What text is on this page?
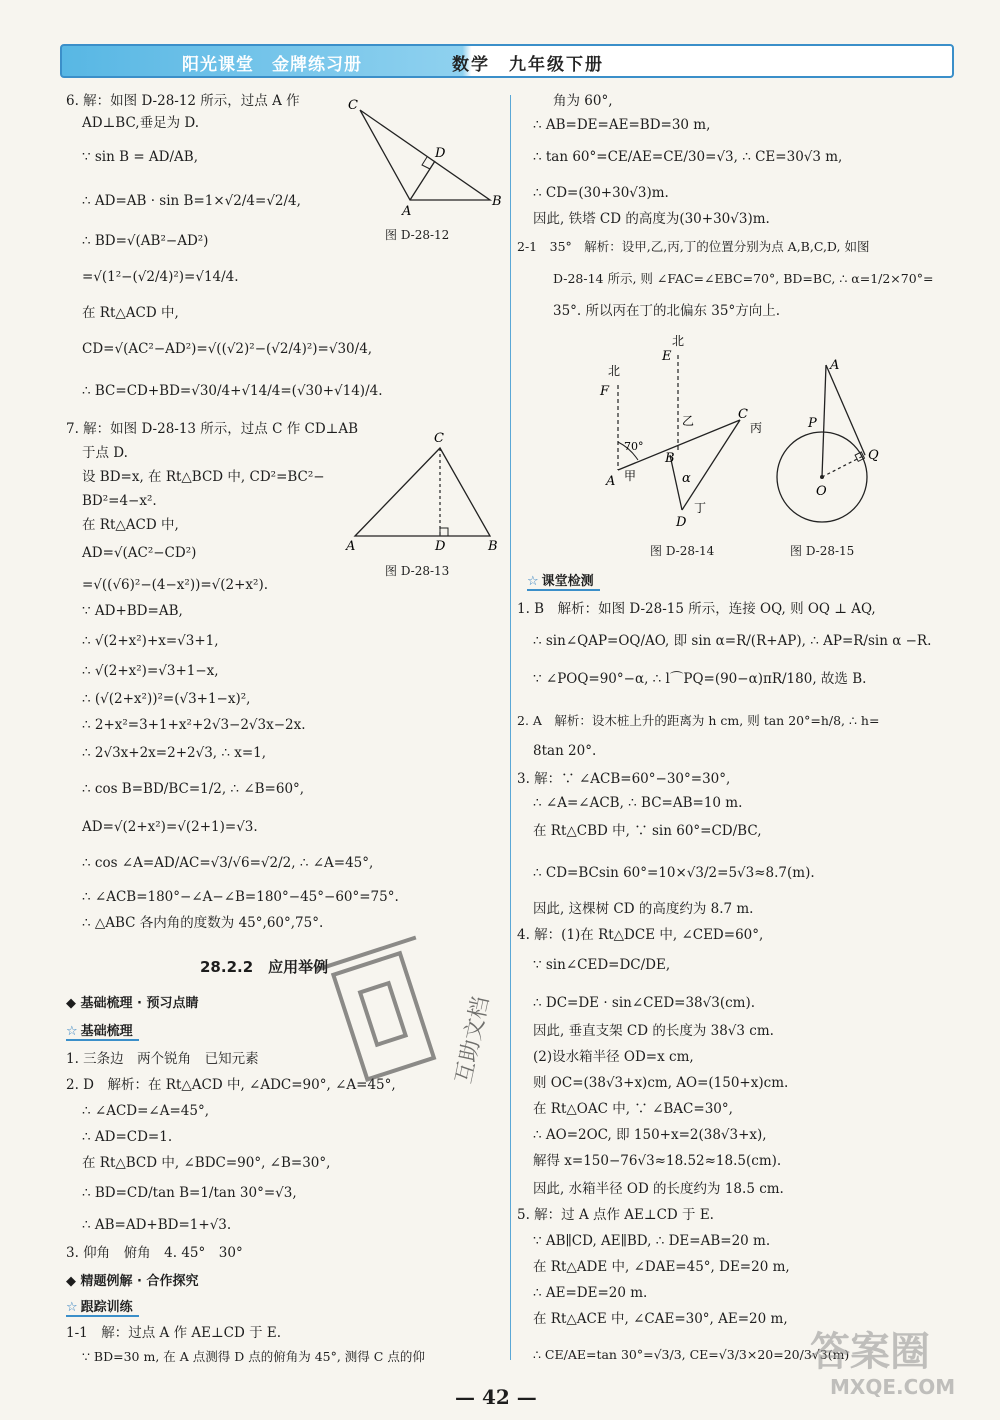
阳光课堂　金牌练习册	数学　九年级下册
6. 解：如图 D-28-12 所示，过点 A 作
AD⊥BC,垂足为 D.
∵ sin B = AD/AB,
∴ AD=AB · sin B=1×√2/4=√2/4,
∴ BD=√(AB²−AD²)
=√(1²−(√2/4)²)=√14/4.
在 Rt△ACD 中,
CD=√(AC²−AD²)=√((√2)²−(√2/4)²)=√30/4,
∴ BC=CD+BD=√30/4+√14/4=(√30+√14)/4.
7. 解：如图 D-28-13 所示，过点 C 作 CD⊥AB
于点 D.
设 BD=x, 在 Rt△BCD 中, CD²=BC²−
BD²=4−x².
在 Rt△ACD 中,
AD=√(AC²−CD²)
=√((√6)²−(4−x²))=√(2+x²).
∵ AD+BD=AB,
∴ √(2+x²)+x=√3+1,
∴ √(2+x²)=√3+1−x,
∴ (√(2+x²))²=(√3+1−x)²,
∴ 2+x²=3+1+x²+2√3−2√3x−2x.
∴ 2√3x+2x=2+2√3, ∴ x=1,
∴ cos B=BD/BC=1/2, ∴ ∠B=60°,
AD=√(2+x²)=√(2+1)=√3.
∴ cos ∠A=AD/AC=√3/√6=√2/2, ∴ ∠A=45°,
∴ ∠ACB=180°−∠A−∠B=180°−45°−60°=75°.
∴ △ABC 各内角的度数为 45°,60°,75°.
◆ 基础梳理 · 预习点睛
☆ 基础梳理
1. 三条边　两个锐角　已知元素
2. D　解析：在 Rt△ACD 中, ∠ADC=90°, ∠A=45°,
∴ ∠ACD=∠A=45°,
∴ AD=CD=1.
在 Rt△BCD 中, ∠BDC=90°, ∠B=30°,
∴ BD=CD/tan B=1/tan 30°=√3,
∴ AB=AD+BD=1+√3.
3. 仰角　俯角　4. 45°　30°
◆ 精题例解 · 合作探究
☆ 跟踪训练
1-1　解：过点 A 作 AE⊥CD 于 E.
∵ BD=30 m, 在 A 点测得 D 点的俯角为 45°, 测得 C 点的仰
28.2.2　应用举例
C
D
A
B
图 D-28-12
C
A	D	B
图 D-28-13
互助文档
角为 60°,
∴ AB=DE=AE=BD=30 m,
∴ tan 60°=CE/AE=CE/30=√3, ∴ CE=30√3 m,
∴ CD=(30+30√3)m.
因此, 铁塔 CD 的高度为(30+30√3)m.
2-1　35°　解析：设甲,乙,丙,丁的位置分别为点 A,B,C,D, 如图
D-28-14 所示, 则 ∠FAC=∠EBC=70°, BD=BC, ∴ α=1/2×70°=
35°. 所以丙在丁的北偏东 35°方向上.
☆ 课堂检测
1. B　解析：如图 D-28-15 所示，连接 OQ, 则 OQ ⊥ AQ,
∴ sin∠QAP=OQ/AO, 即 sin α=R/(R+AP), ∴ AP=R/sin α −R.
∵ ∠POQ=90°−α, ∴ l⌒PQ=(90−α)πR/180, 故选 B.
2. A　解析：设木桩上升的距离为 h cm, 则 tan 20°=h/8, ∴ h=
8tan 20°.
3. 解：∵ ∠ACB=60°−30°=30°,
∴ ∠A=∠ACB, ∴ BC=AB=10 m.
在 Rt△CBD 中, ∵ sin 60°=CD/BC,
∴ CD=BCsin 60°=10×√3/2=5√3≈8.7(m).
因此, 这棵树 CD 的高度约为 8.7 m.
4. 解：(1)在 Rt△DCE 中, ∠CED=60°,
∵ sin∠CED=DC/DE,
∴ DC=DE · sin∠CED=38√3(cm).
因此, 垂直支架 CD 的长度为 38√3 cm.
(2)设水箱半径 OD=x cm,
则 OC=(38√3+x)cm, AO=(150+x)cm.
在 Rt△OAC 中, ∵ ∠BAC=30°,
∴ AO=2OC, 即 150+x=2(38√3+x),
解得 x=150−76√3≈18.52≈18.5(cm).
因此, 水箱半径 OD 的长度约为 18.5 cm.
5. 解：过 A 点作 AE⊥CD 于 E.
∵ AB∥CD, AE∥BD, ∴ DE=AB=20 m.
在 Rt△ADE 中, ∠DAE=45°, DE=20 m,
∴ AE=DE=20 m.
在 Rt△ACE 中, ∠CAE=30°, AE=20 m,
∴ CE/AE=tan 30°=√3/3, CE=√3/3×20=20/3√3(m)
北
北
E
F
70°
乙	C
丙
B
A 甲	α
丁
D
图 D-28-14
A
P
Q
O
图 D-28-15
— 42 —
答案圈
MXQE.COM
